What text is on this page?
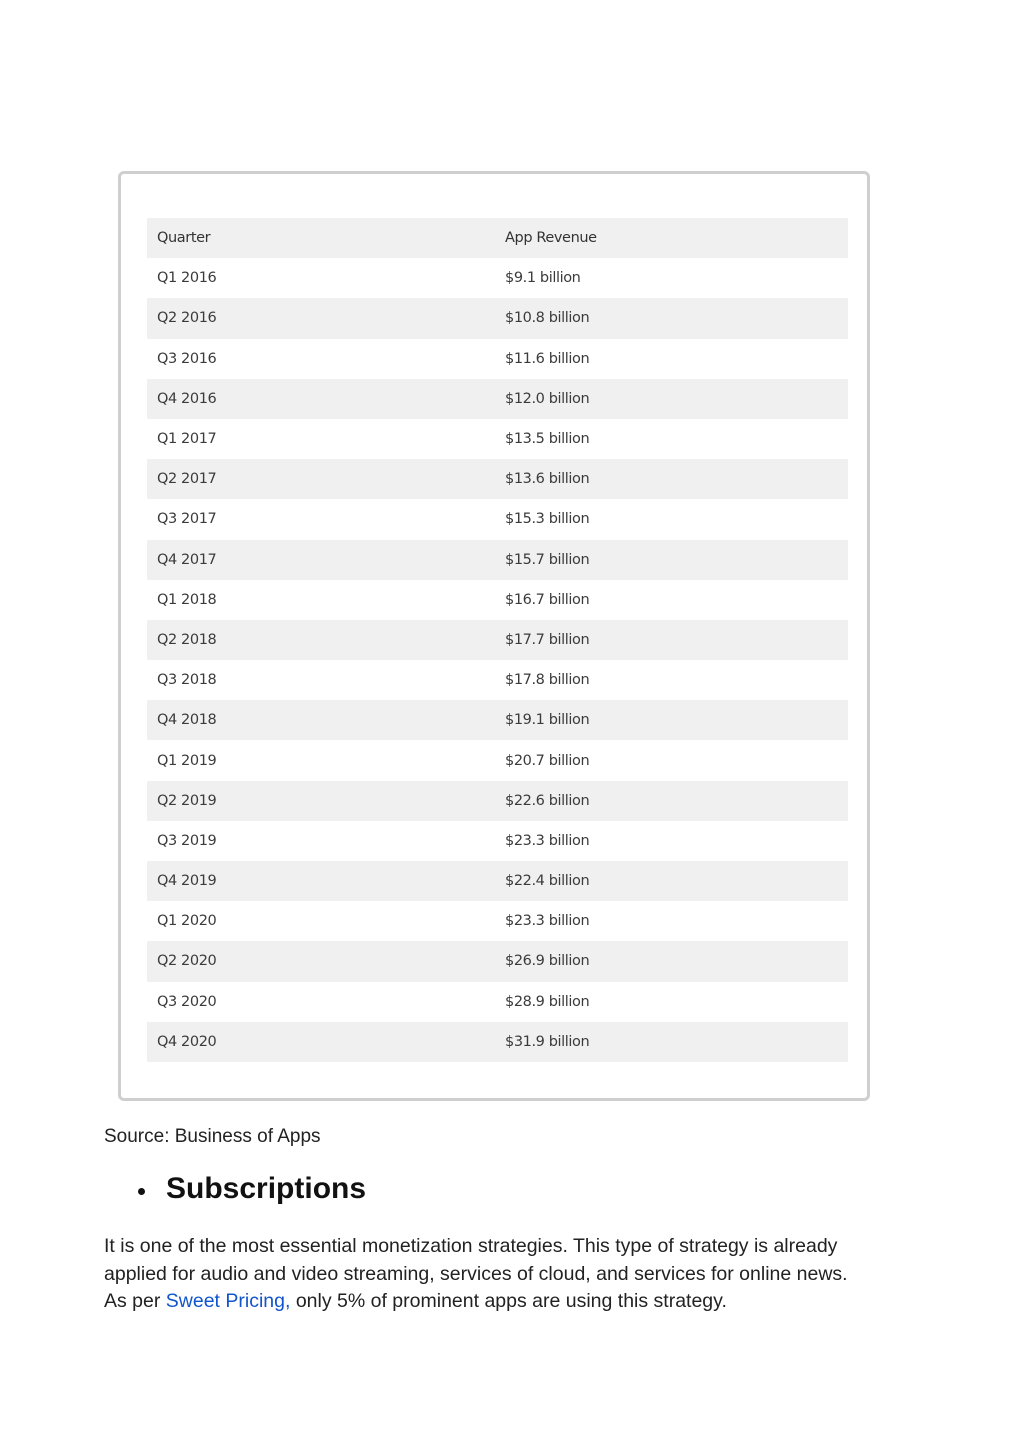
Quarter	App Revenue
Q1 2016	$9.1 billion
Q2 2016	$10.8 billion
Q3 2016	$11.6 billion
Q4 2016	$12.0 billion
Q1 2017	$13.5 billion
Q2 2017	$13.6 billion
Q3 2017	$15.3 billion
Q4 2017	$15.7 billion
Q1 2018	$16.7 billion
Q2 2018	$17.7 billion
Q3 2018	$17.8 billion
Q4 2018	$19.1 billion
Q1 2019	$20.7 billion
Q2 2019	$22.6 billion
Q3 2019	$23.3 billion
Q4 2019	$22.4 billion
Q1 2020	$23.3 billion
Q2 2020	$26.9 billion
Q3 2020	$28.9 billion
Q4 2020	$31.9 billion
Source: Business of Apps
Subscriptions
It is one of the most essential monetization strategies. This type of strategy is already
applied for audio and video streaming, services of cloud, and services for online news.
As per Sweet Pricing, only 5% of prominent apps are using this strategy.
